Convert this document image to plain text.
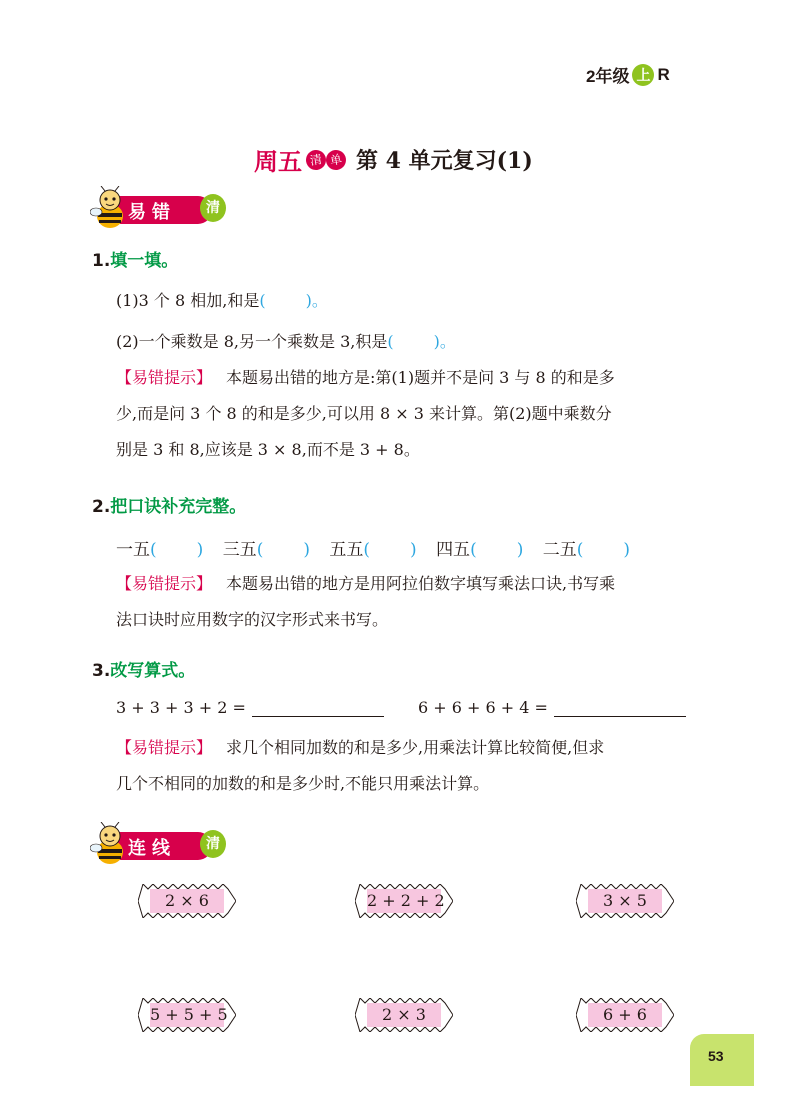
2年级 上 R
周五 清 单 第 4 单元复习(1)
易错	清
1.填一填。
(1)3 个 8 相加,和是(	)。
(2)一个乘数是 8,另一个乘数是 3,积是(	)。
【易错提示】 本题易出错的地方是:第(1)题并不是问 3 与 8 的和是多
少,而是问 3 个 8 的和是多少,可以用 8 × 3 来计算。第(2)题中乘数分
别是 3 和 8,应该是 3 × 8,而不是 3 + 8。
2.把口诀补充完整。
一五( ) 三五( ) 五五( ) 四五( ) 二五( )
【易错提示】 本题易出错的地方是用阿拉伯数字填写乘法口诀,书写乘
法口诀时应用数字的汉字形式来书写。
3.改写算式。
3 + 3 + 3 + 2 =	6 + 6 + 6 + 4 =
【易错提示】 求几个相同加数的和是多少,用乘法计算比较简便,但求
几个不相同的加数的和是多少时,不能只用乘法计算。
连线	清
2 × 6	2 + 2 + 2	3 × 5
5 + 5 + 5	2 × 3	6 + 6
53
